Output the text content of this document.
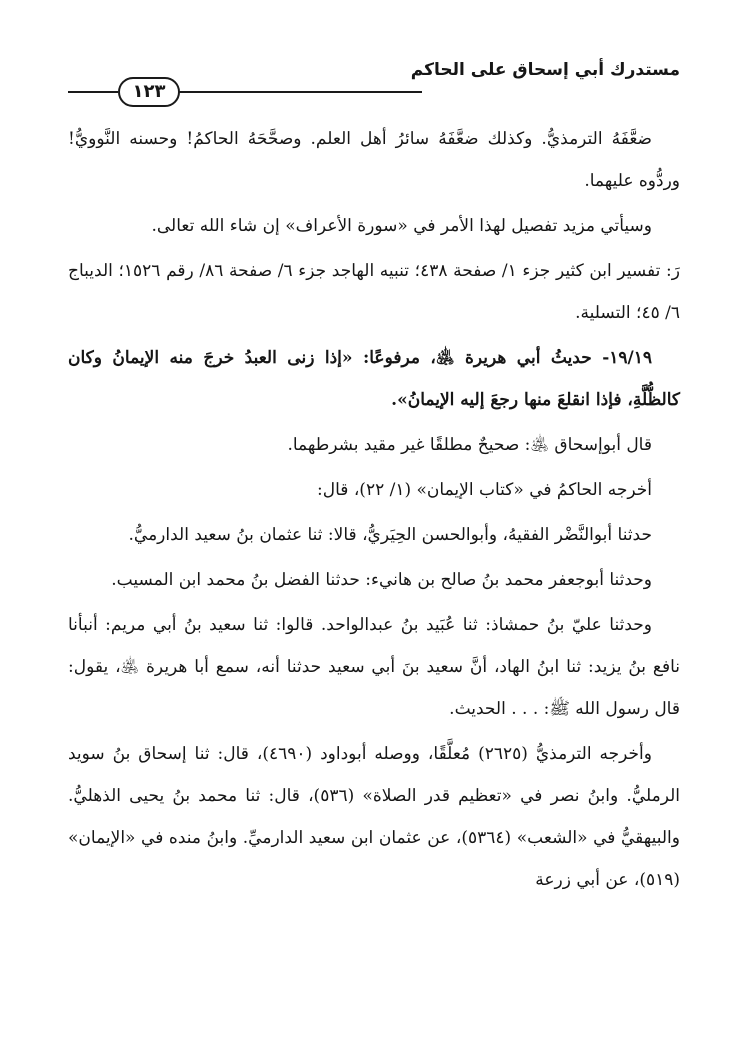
مستدرك أبي إسحاق على الحاكم
١٢٣

ضعَّفَهُ الترمذيُّ. وكذلك ضعَّفَهُ سائرُ أهل العلم. وصحَّحَهُ الحاكمُ! وحسنه النَّوويُّ! وردُّوه عليهما.

وسيأتي مزيد تفصيل لهذا الأمر في «سورة الأعراف» إن شاء الله تعالى.

رَ: تفسير ابن كثير جزء ١/ صفحة ٤٣٨؛ تنبيه الهاجد جزء ٦/ صفحة ٨٦/ رقم ١٥٢٦؛ الديباج ٦/ ٤٥؛ التسلية.

١٩/١٩- حديثُ أبي هريرة ﵁، مرفوعًا: «إذا زنى العبدُ خرجَ منه الإيمانُ وكان كالظُّلَّةِ، فإذا انقلعَ منها رجعَ إليه الإيمانُ».

قال أبوإسحاق ﵁: صحيحٌ مطلقًا غير مقيد بشرطهما.

أخرجه الحاكمُ في «كتاب الإيمان» (١/ ٢٢)، قال:

حدثنا أبوالنَّضْر الفقيهُ، وأبوالحسن الحِيَريُّ، قالا: ثنا عثمان بنُ سعيد الدارميُّ.

وحدثنا أبوجعفر محمد بنُ صالح بن هانيء: حدثنا الفضل بنُ محمد ابن المسيب.

وحدثنا عليّ بنُ حمشاذ: ثنا عُبَيد بنُ عبدالواحد. قالوا: ثنا سعيد بنُ أبي مريم: أنبأنا نافع بنُ يزيد: ثنا ابنُ الهاد، أنَّ سعيد بنَ أبي سعيد حدثنا أنه، سمع أبا هريرة ﵁، يقول: قال رسول الله ﷺ: . . . الحديث.

وأخرجه الترمذيُّ (٢٦٢٥) مُعلَّقًا، ووصله أبوداود (٤٦٩٠)، قال: ثنا إسحاق بنُ سويد الرمليُّ. وابنُ نصر في «تعظيم قدر الصلاة» (٥٣٦)، قال: ثنا محمد بنُ يحيى الذهليُّ. والبيهقيُّ في «الشعب» (٥٣٦٤)، عن عثمان ابن سعيد الدارميِّ. وابنُ منده في «الإيمان» (٥١٩)، عن أبي زرعة
